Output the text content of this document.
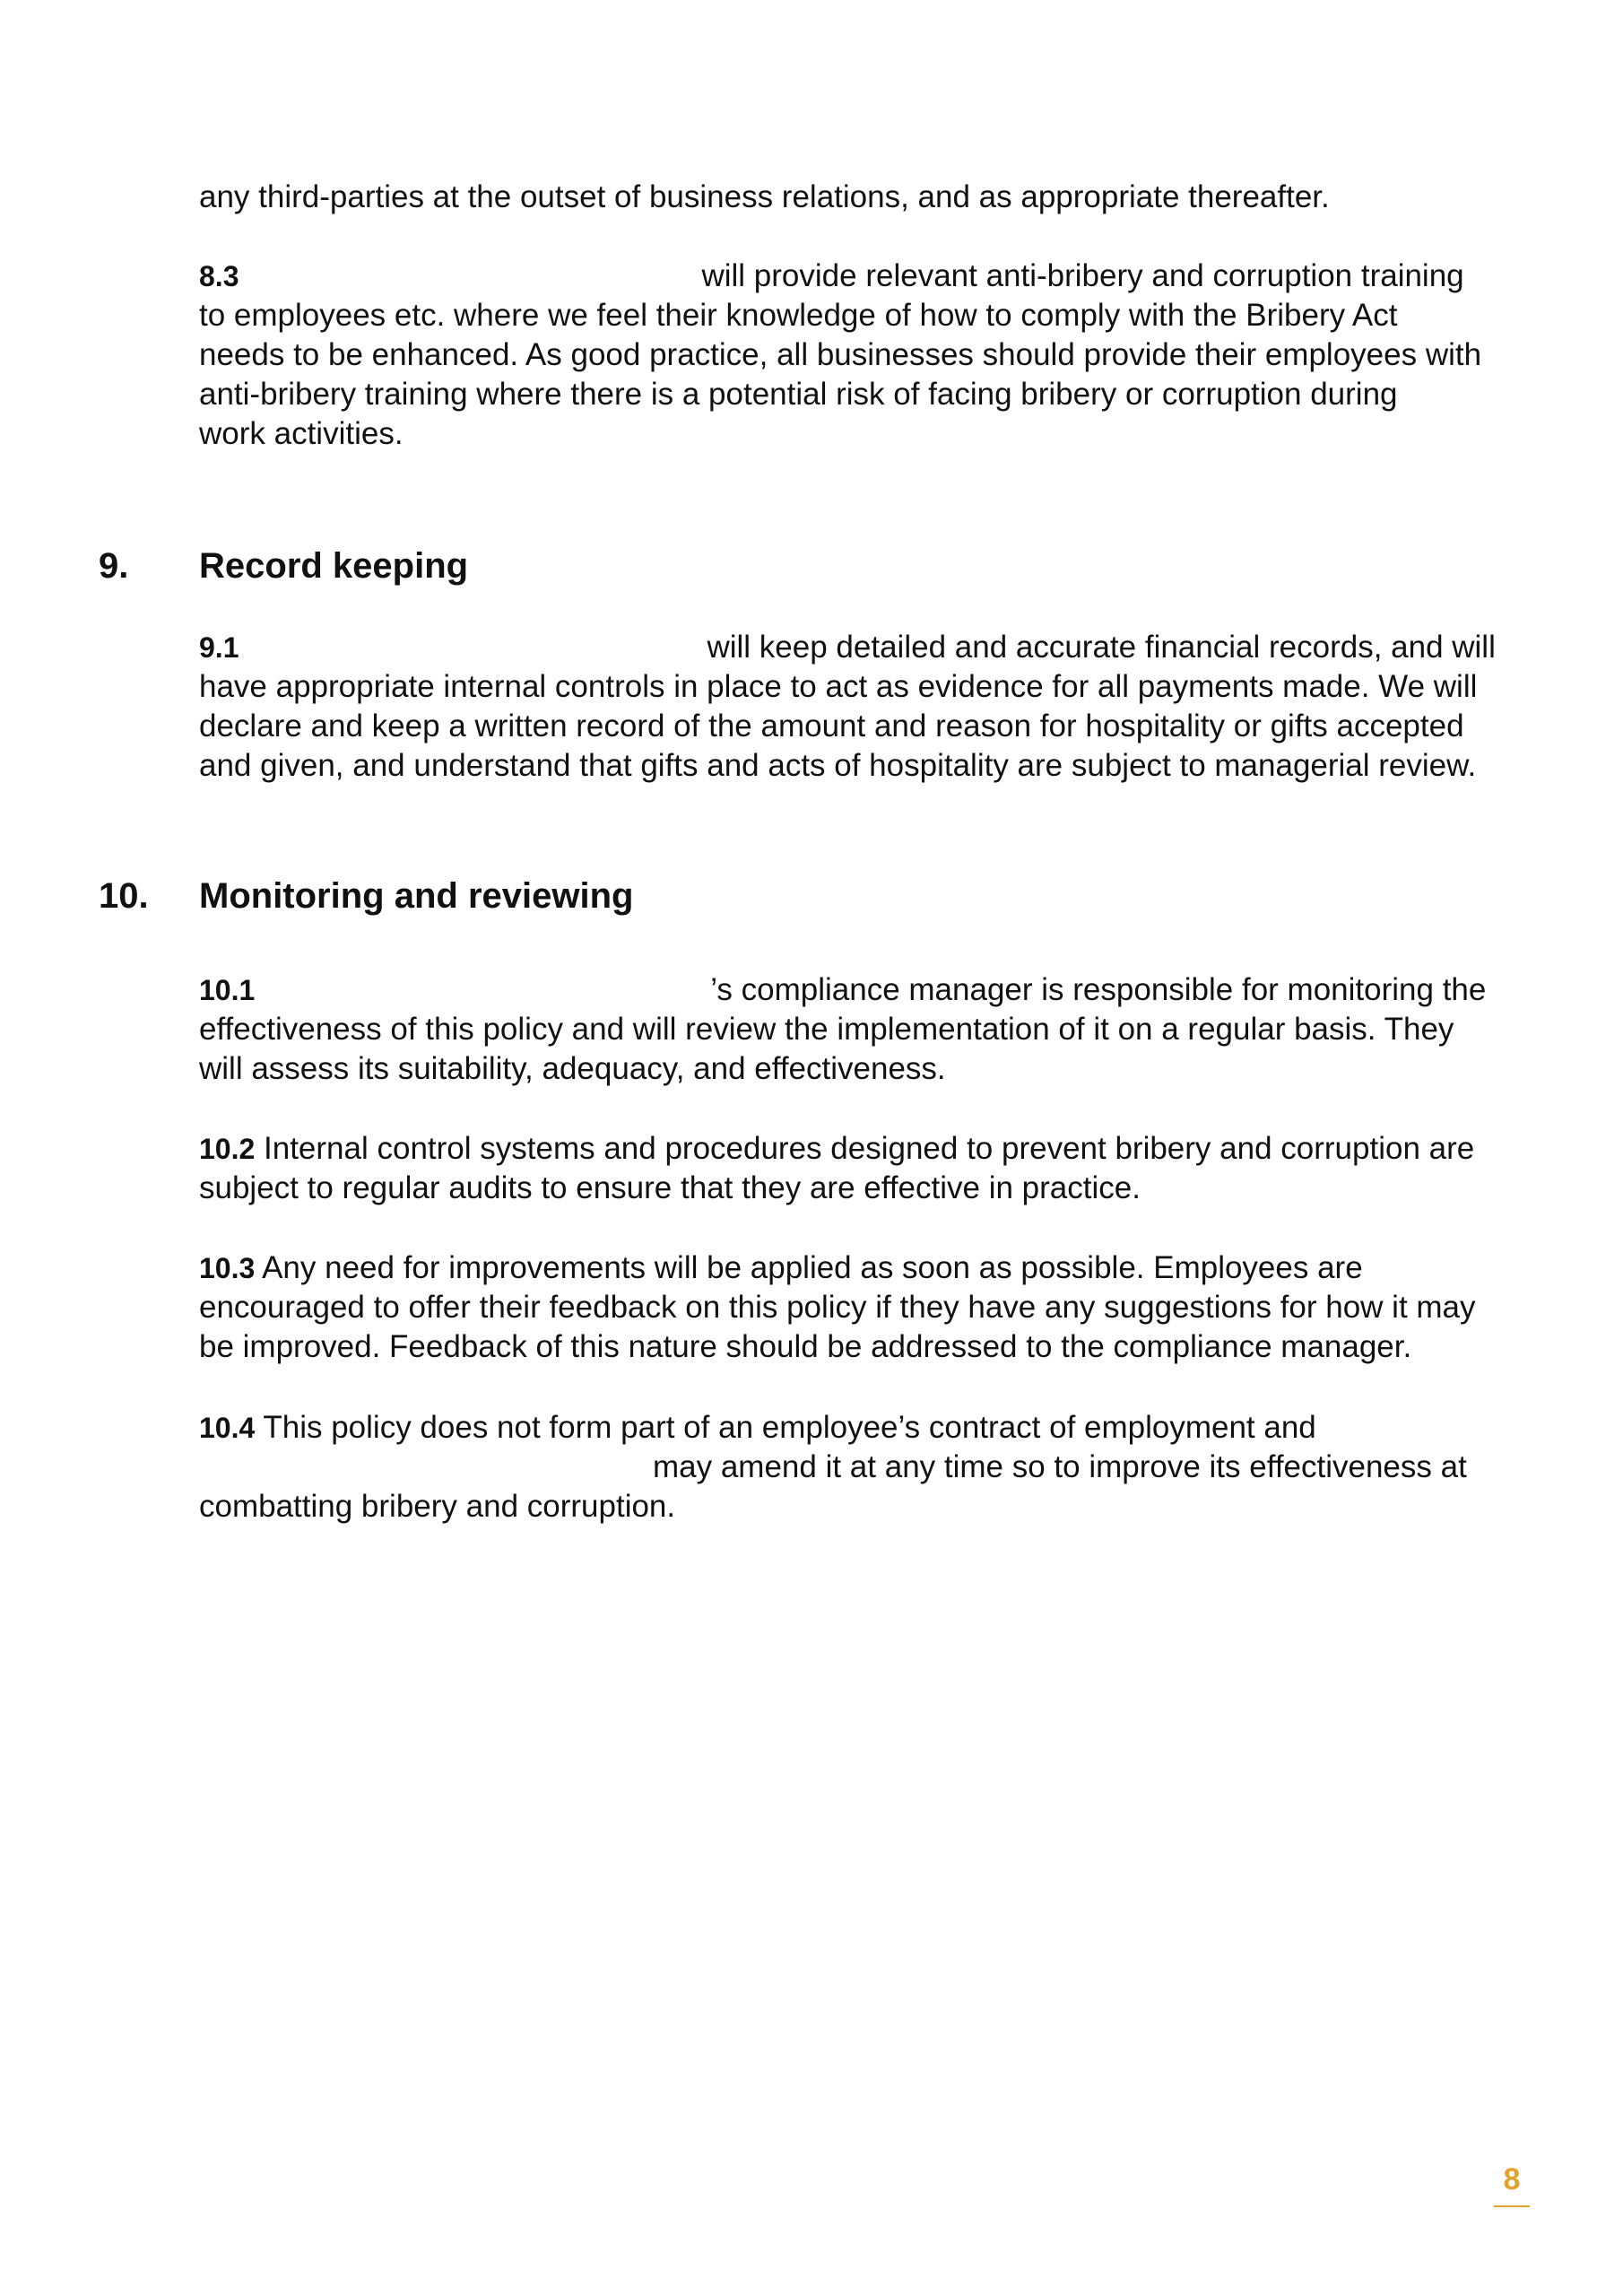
any third-parties at the outset of business relations, and as appropriate thereafter.

8.3	will provide relevant anti-bribery and corruption training
to employees etc. where we feel their knowledge of how to comply with the Bribery Act
needs to be enhanced. As good practice, all businesses should provide their employees with
anti-bribery training where there is a potential risk of facing bribery or corruption during
work activities.

9. Record keeping

9.1	will keep detailed and accurate financial records, and will
have appropriate internal controls in place to act as evidence for all payments made. We will
declare and keep a written record of the amount and reason for hospitality or gifts accepted
and given, and understand that gifts and acts of hospitality are subject to managerial review.

10. Monitoring and reviewing

10.1	’s compliance manager is responsible for monitoring the
effectiveness of this policy and will review the implementation of it on a regular basis. They
will assess its suitability, adequacy, and effectiveness.

10.2 Internal control systems and procedures designed to prevent bribery and corruption are
subject to regular audits to ensure that they are effective in practice.

10.3 Any need for improvements will be applied as soon as possible. Employees are
encouraged to offer their feedback on this policy if they have any suggestions for how it may
be improved. Feedback of this nature should be addressed to the compliance manager.

10.4 This policy does not form part of an employee’s contract of employment and
may amend it at any time so to improve its effectiveness at
combatting bribery and corruption.

8
